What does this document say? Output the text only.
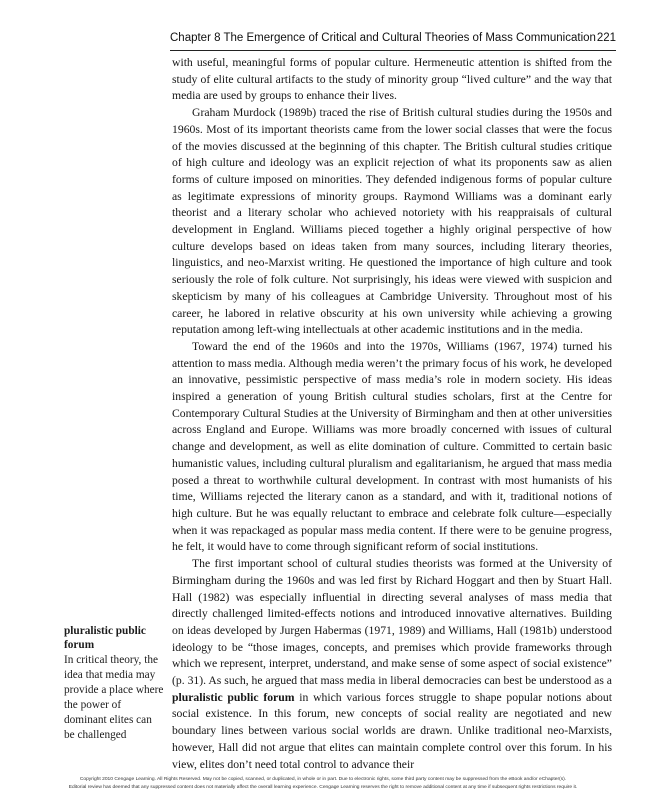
Chapter 8 The Emergence of Critical and Cultural Theories of Mass Communication 221

with useful, meaningful forms of popular culture. Hermeneutic attention is shifted from the study of elite cultural artifacts to the study of minority group “lived culture” and the way that media are used by groups to enhance their lives.

Graham Murdock (1989b) traced the rise of British cultural studies during the 1950s and 1960s. Most of its important theorists came from the lower social classes that were the focus of the movies discussed at the beginning of this chapter. The British cultural studies critique of high culture and ideology was an explicit rejection of what its proponents saw as alien forms of culture imposed on minorities. They defended indigenous forms of popular culture as legitimate expressions of minority groups. Raymond Williams was a dominant early theorist and a literary scholar who achieved notoriety with his reappraisals of cultural development in England. Williams pieced together a highly original perspective of how culture develops based on ideas taken from many sources, including literary theories, linguistics, and neo-Marxist writing. He questioned the importance of high culture and took seriously the role of folk culture. Not surprisingly, his ideas were viewed with suspicion and skepticism by many of his colleagues at Cambridge University. Throughout most of his career, he labored in relative obscurity at his own university while achieving a growing reputation among left-wing intellectuals at other academic institutions and in the media.

Toward the end of the 1960s and into the 1970s, Williams (1967, 1974) turned his attention to mass media. Although media weren’t the primary focus of his work, he developed an innovative, pessimistic perspective of mass media’s role in modern society. His ideas inspired a generation of young British cultural studies scholars, first at the Centre for Contemporary Cultural Studies at the University of Birmingham and then at other universities across England and Europe. Williams was more broadly concerned with issues of cultural change and development, as well as elite domination of culture. Committed to certain basic humanistic values, including cultural pluralism and egalitarianism, he argued that mass media posed a threat to worthwhile cultural development. In contrast with most humanists of his time, Williams rejected the literary canon as a standard, and with it, traditional notions of high culture. But he was equally reluctant to embrace and celebrate folk culture—especially when it was repackaged as popular mass media content. If there were to be genuine progress, he felt, it would have to come through significant reform of social institutions.

The first important school of cultural studies theorists was formed at the University of Birmingham during the 1960s and was led first by Richard Hoggart and then by Stuart Hall. Hall (1982) was especially influential in directing several analyses of mass media that directly challenged limited-effects notions and introduced innovative alternatives. Building on ideas developed by Jurgen Habermas (1971, 1989) and Williams, Hall (1981b) understood ideology to be “those images, concepts, and premises which provide frameworks through which we represent, interpret, understand, and make sense of some aspect of social existence” (p. 31). As such, he argued that mass media in liberal democracies can best be understood as a pluralistic public forum in which various forces struggle to shape popular notions about social existence. In this forum, new concepts of social reality are negotiated and new boundary lines between various social worlds are drawn. Unlike traditional neo-Marxists, however, Hall did not argue that elites can maintain complete control over this forum. In his view, elites don’t need total control to advance their

pluralistic public forum
In critical theory, the idea that media may provide a place where the power of dominant elites can be challenged
Copyright 2010 Cengage Learning. All Rights Reserved. May not be copied, scanned, or duplicated, in whole or in part. Due to electronic rights, some third party content may be suppressed from the eBook and/or eChapter(s).
Editorial review has deemed that any suppressed content does not materially affect the overall learning experience. Cengage Learning reserves the right to remove additional content at any time if subsequent rights restrictions require it.
